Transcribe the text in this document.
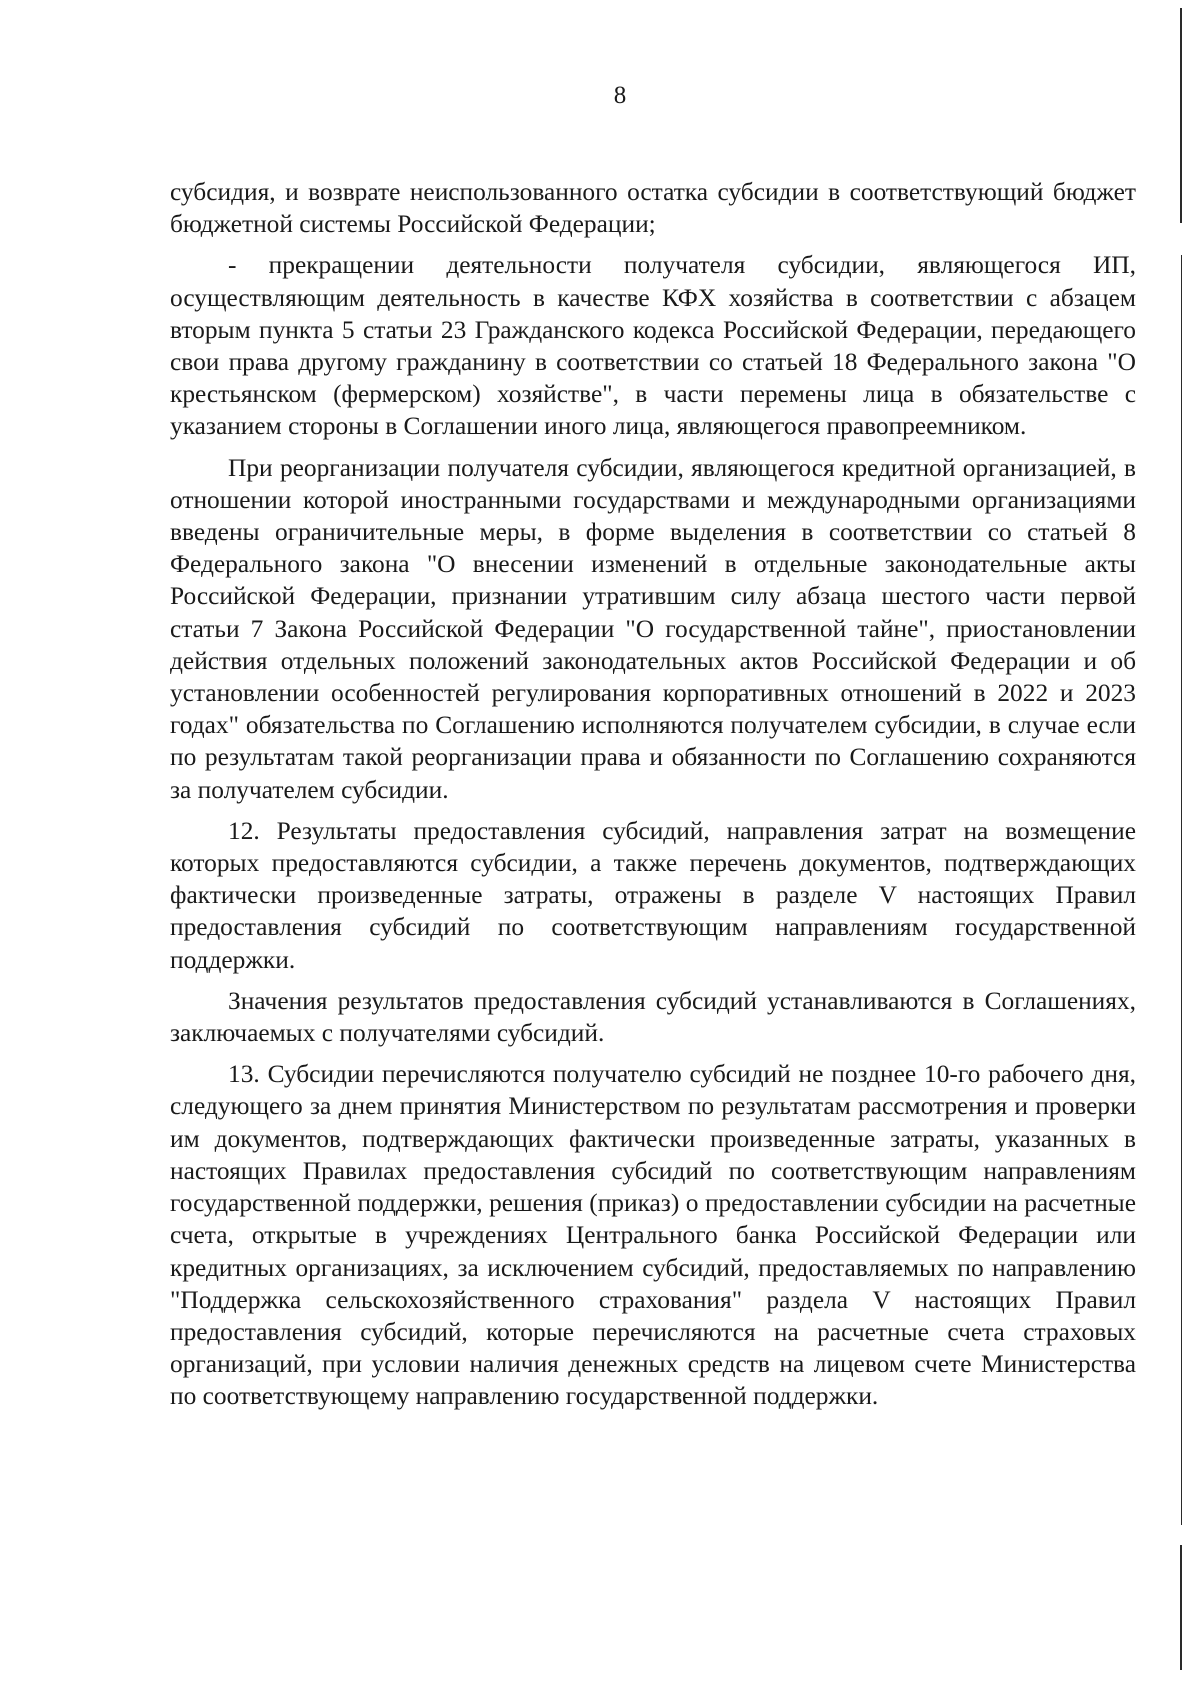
8

субсидия, и возврате неиспользованного остатка субсидии в соответствующий бюджет бюджетной системы Российской Федерации;

- прекращении деятельности получателя субсидии, являющегося ИП, осуществляющим деятельность в качестве КФХ хозяйства в соответствии с абзацем вторым пункта 5 статьи 23 Гражданского кодекса Российской Федерации, передающего свои права другому гражданину в соответствии со статьей 18 Федерального закона "О крестьянском (фермерском) хозяйстве", в части перемены лица в обязательстве с указанием стороны в Соглашении иного лица, являющегося правопреемником.

При реорганизации получателя субсидии, являющегося кредитной организацией, в отношении которой иностранными государствами и международными организациями введены ограничительные меры, в форме выделения в соответствии со статьей 8 Федерального закона "О внесении изменений в отдельные законодательные акты Российской Федерации, признании утратившим силу абзаца шестого части первой статьи 7 Закона Российской Федерации "О государственной тайне", приостановлении действия отдельных положений законодательных актов Российской Федерации и об установлении особенностей регулирования корпоративных отношений в 2022 и 2023 годах" обязательства по Соглашению исполняются получателем субсидии, в случае если по результатам такой реорганизации права и обязанности по Соглашению сохраняются за получателем субсидии.

12. Результаты предоставления субсидий, направления затрат на возмещение которых предоставляются субсидии, а также перечень документов, подтверждающих фактически произведенные затраты, отражены в разделе V настоящих Правил предоставления субсидий по соответствующим направлениям государственной поддержки.

Значения результатов предоставления субсидий устанавливаются в Соглашениях, заключаемых с получателями субсидий.

13. Субсидии перечисляются получателю субсидий не позднее 10-го рабочего дня, следующего за днем принятия Министерством по результатам рассмотрения и проверки им документов, подтверждающих фактически произведенные затраты, указанных в настоящих Правилах предоставления субсидий по соответствующим направлениям государственной поддержки, решения (приказ) о предоставлении субсидии на расчетные счета, открытые в учреждениях Центрального банка Российской Федерации или кредитных организациях, за исключением субсидий, предоставляемых по направлению "Поддержка сельскохозяйственного страхования" раздела V настоящих Правил предоставления субсидий, которые перечисляются на расчетные счета страховых организаций, при условии наличия денежных средств на лицевом счете Министерства по соответствующему направлению государственной поддержки.
